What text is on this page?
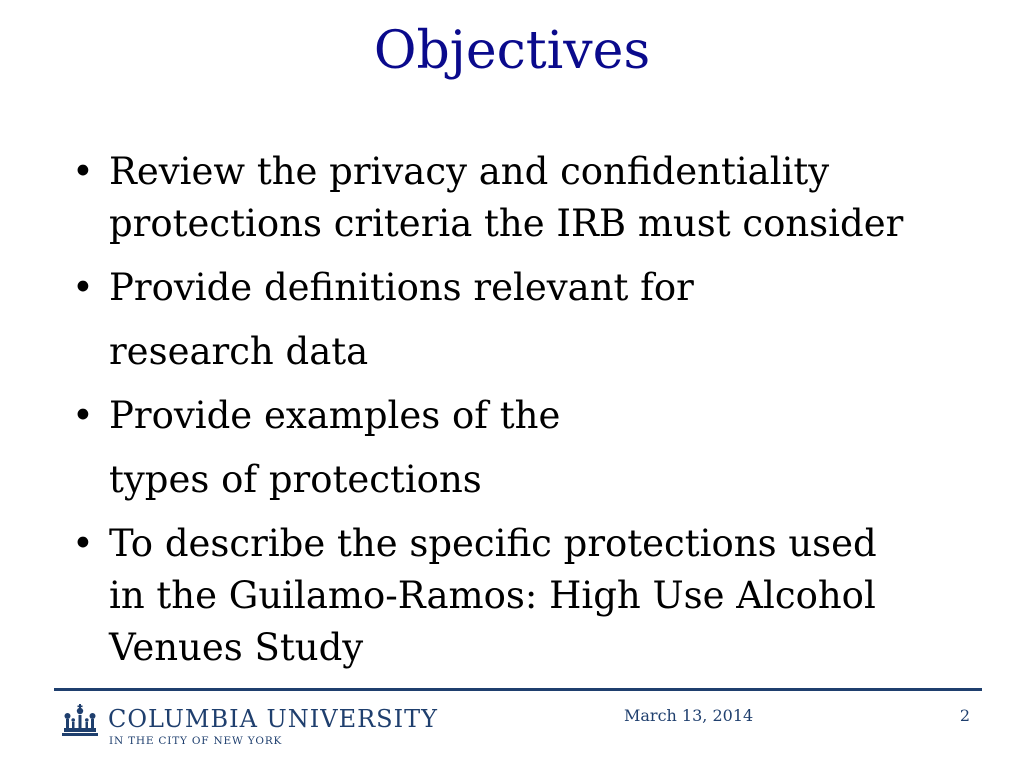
Objectives
• Review the privacy and confidentiality
protections criteria the IRB must consider
• Provide definitions relevant for
research data
• Provide examples of the
types of protections
• To describe the specific protections used
in the Guilamo-Ramos: High Use Alcohol
Venues Study
COLUMBIA UNIVERSITY
IN THE CITY OF NEW YORK
March 13, 2014	2
